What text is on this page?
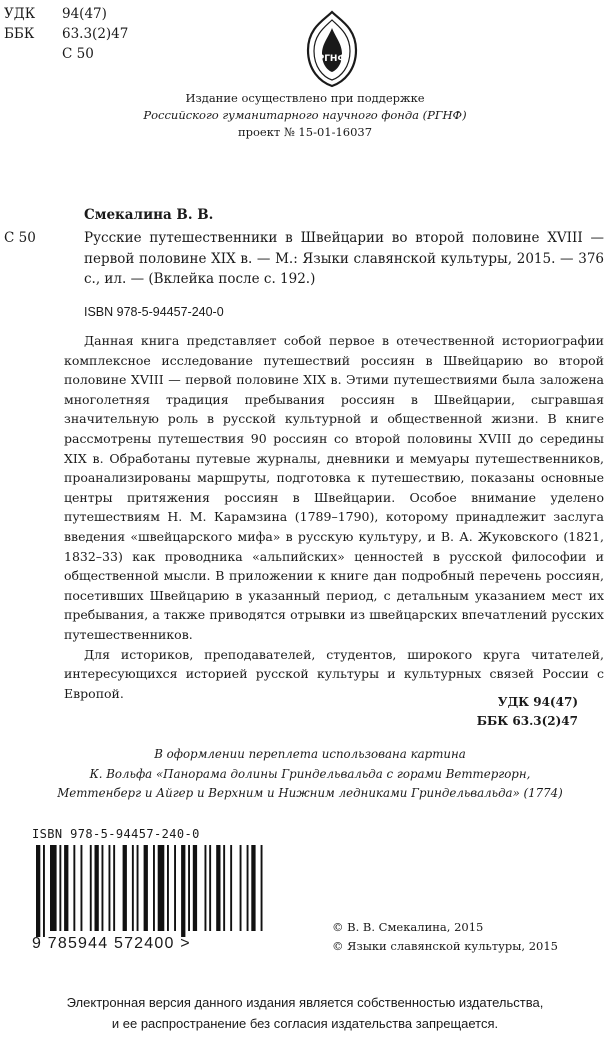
УДК	94(47)
ББК	63.3(2)47
С 50	РГНФ
Издание осуществлено при поддержке
Российского гуманитарного научного фонда (РГНФ)
проект № 15-01-16037
Смекалина В. В.
С 50	Русские путешественники в Швейцарии во второй половине XVIII — первой половине XIX в. — М.: Языки славянской культуры, 2015. — 376 с., ил. — (Вклейка после с. 192.)
ISBN 978-5-94457-240-0

Данная книга представляет собой первое в отечественной историографии комплексное исследование путешествий россиян в Швейцарию во второй половине XVIII — первой половине XIX в. Этими путешествиями была заложена многолетняя традиция пребывания россиян в Швейцарии, сыгравшая значительную роль в русской культурной и общественной жизни. В книге рассмотрены путешествия 90 россиян со второй половины XVIII до середины XIX в. Обработаны путевые журналы, дневники и мемуары путешественников, проанализированы маршруты, подготовка к путешествию, показаны основные центры притяжения россиян в Швейцарии. Особое внимание уделено путешествиям Н. М. Карамзина (1789–1790), которому принадлежит заслуга введения «швейцарского мифа» в русскую культуру, и В. А. Жуковского (1821, 1832–33) как проводника «альпийских» ценностей в русской философии и общественной мысли. В приложении к книге дан подробный перечень россиян, посетивших Швейцарию в указанный период, с детальным указанием мест их пребывания, а также приводятся отрывки из швейцарских впечатлений русских путешественников.

Для историков, преподавателей, студентов, широкого круга читателей, интересующихся историей русской культуры и культурных связей России с Европой.

УДК 94(47)
ББК 63.3(2)47
В оформлении переплета использована картина
К. Вольфа «Панорама долины Гриндельвальда с горами Веттергорн,
Меттенберг и Айгер и Верхним и Нижним ледниками Гриндельвальда» (1774)
ISBN 978-5-94457-240-0
9 785944 572400 >
© В. В. Смекалина, 2015
© Языки славянской культуры, 2015
Электронная версия данного издания является собственностью издательства,
и ее распространение без согласия издательства запрещается.
